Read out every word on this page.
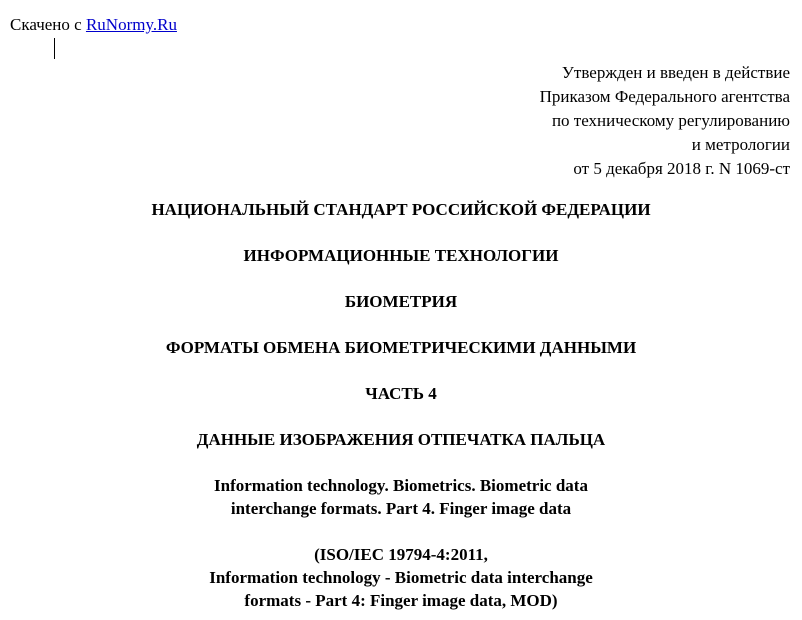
Скачено с RuNormy.Ru
Утвержден и введен в действие
Приказом Федерального агентства
по техническому регулированию
и метрологии
от 5 декабря 2018 г. N 1069-ст
НАЦИОНАЛЬНЫЙ СТАНДАРТ РОССИЙСКОЙ ФЕДЕРАЦИИ
ИНФОРМАЦИОННЫЕ ТЕХНОЛОГИИ
БИОМЕТРИЯ
ФОРМАТЫ ОБМЕНА БИОМЕТРИЧЕСКИМИ ДАННЫМИ
ЧАСТЬ 4
ДАННЫЕ ИЗОБРАЖЕНИЯ ОТПЕЧАТКА ПАЛЬЦА
Information technology. Biometrics. Biometric data
interchange formats. Part 4. Finger image data
(ISO/IEC 19794-4:2011,
Information technology - Biometric data interchange
formats - Part 4: Finger image data, MOD)
